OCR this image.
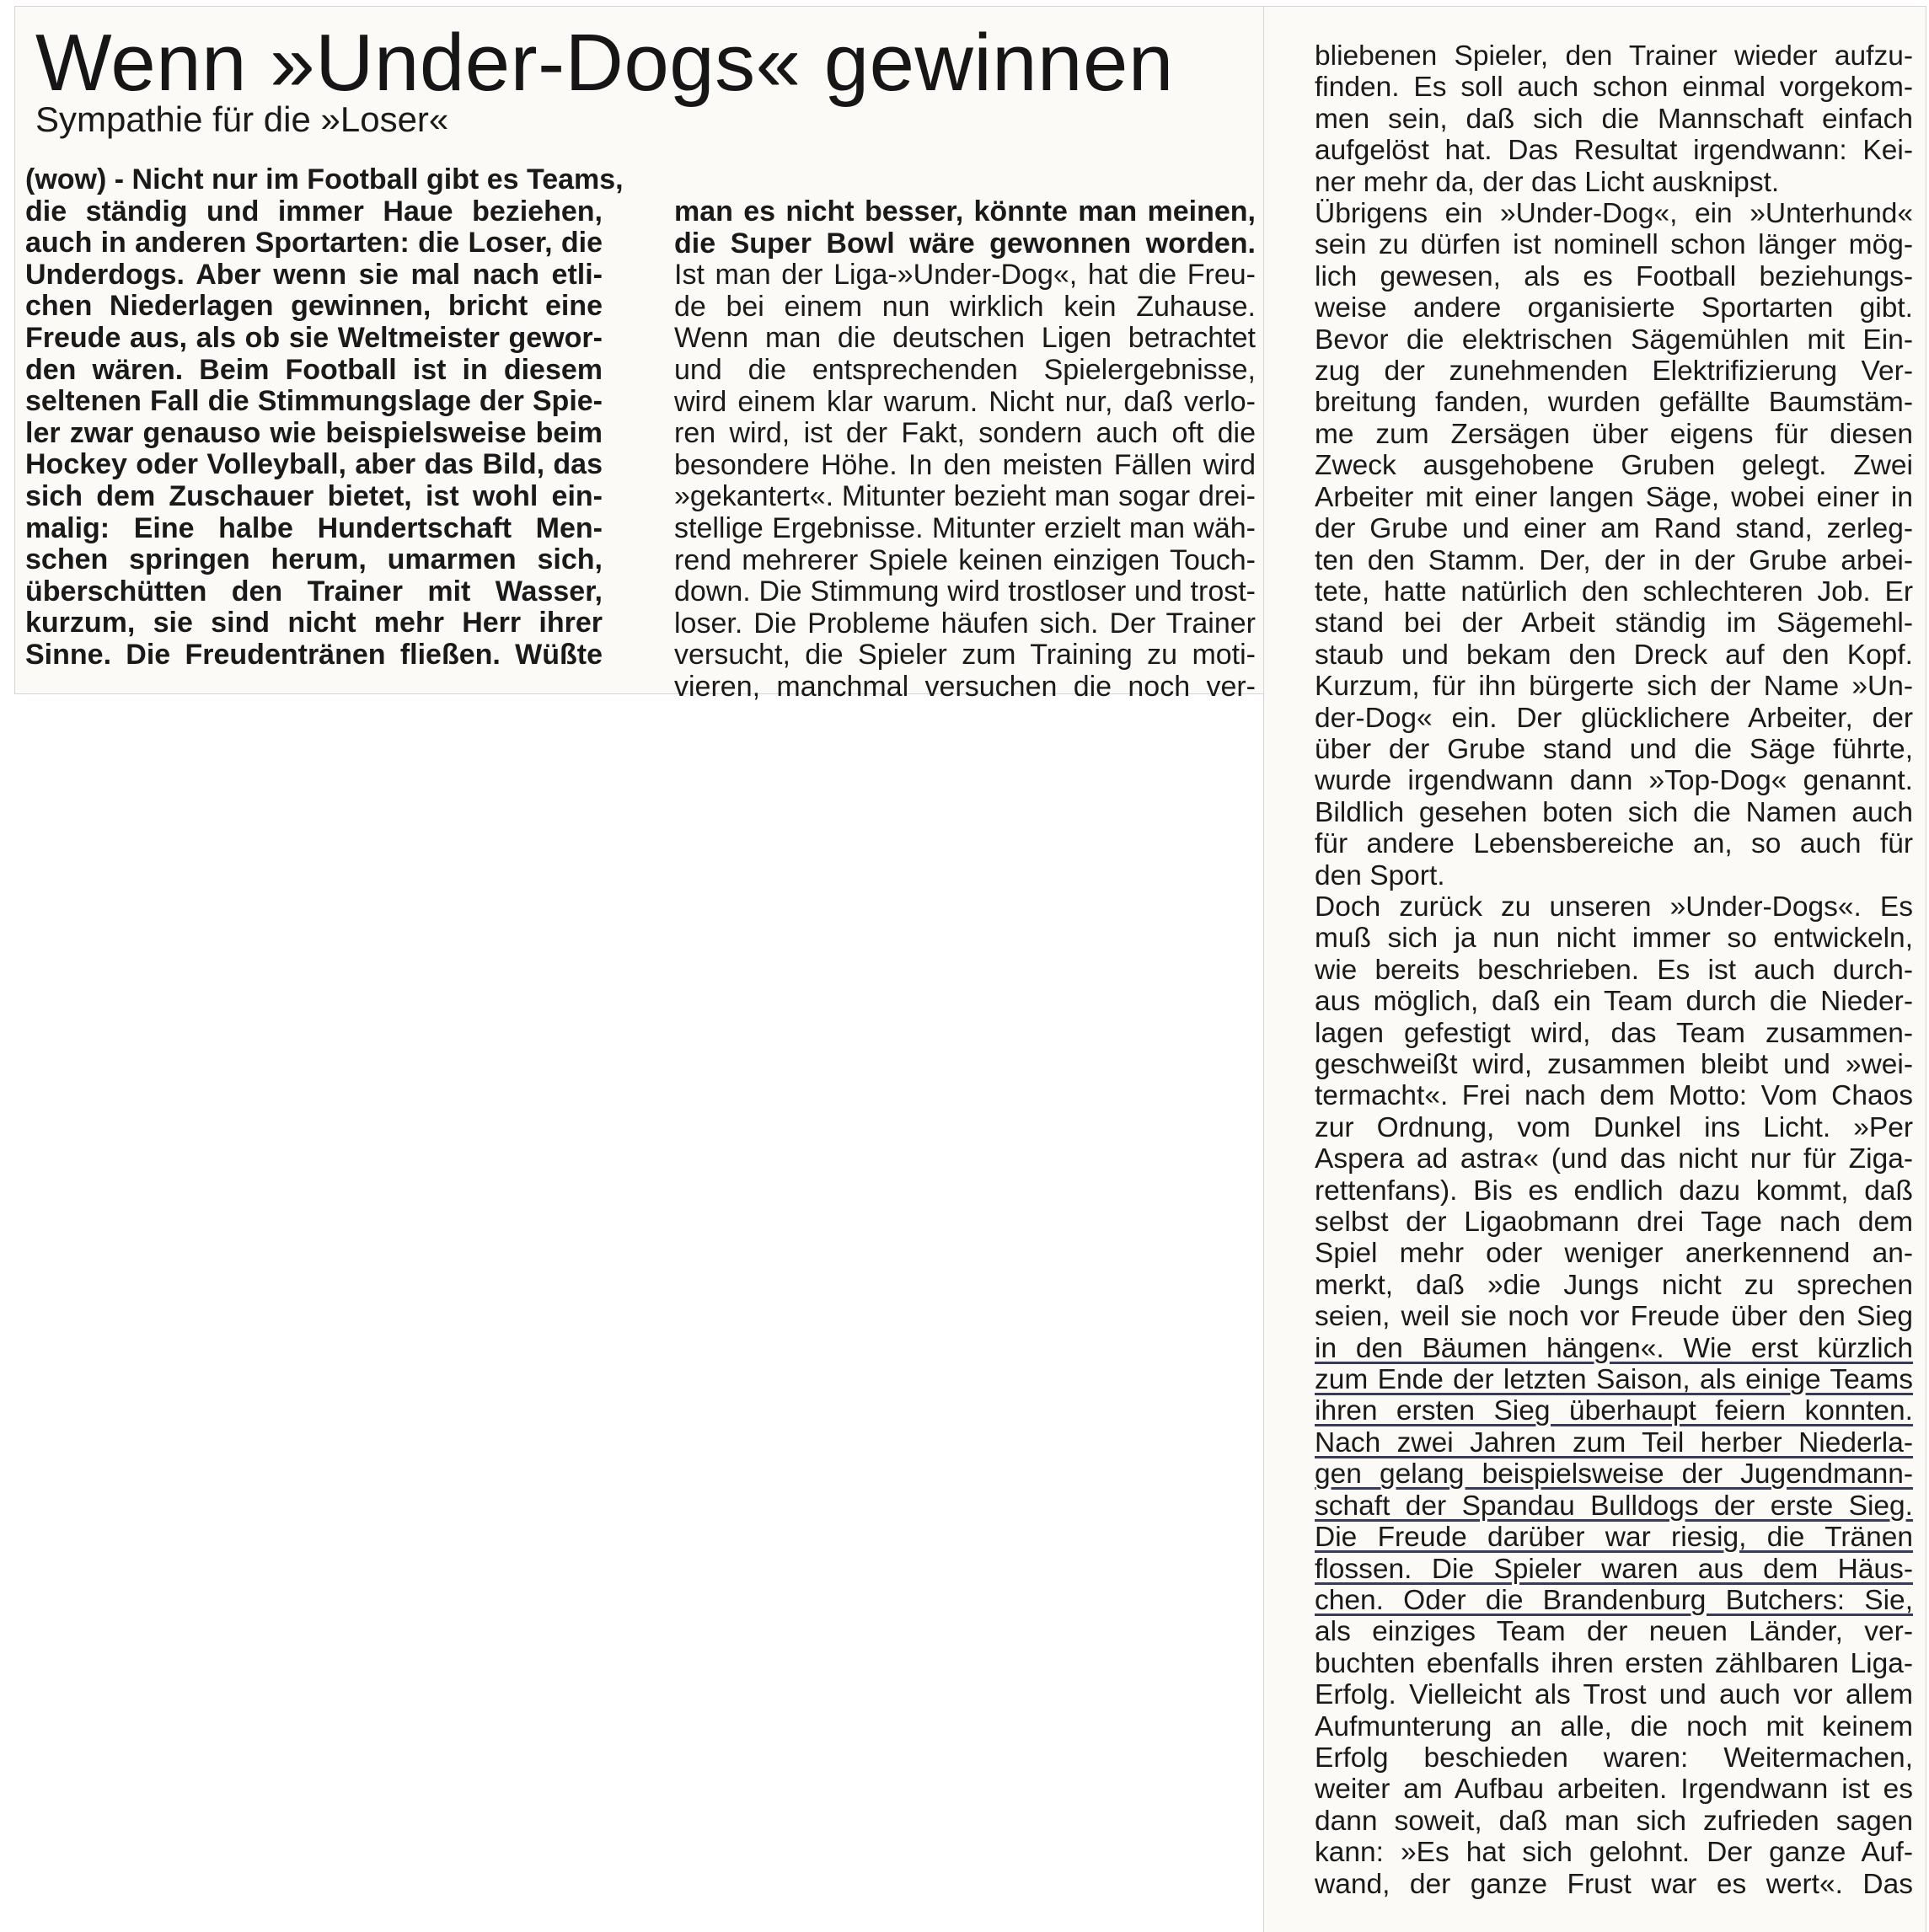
Wenn »Under-Dogs« gewinnen
Sympathie für die »Loser«
(wow) - Nicht nur im Football gibt es Teams,
die ständig und immer Haue beziehen,
auch in anderen Sportarten: die Loser, die
Underdogs. Aber wenn sie mal nach etli-
chen Niederlagen gewinnen, bricht eine
Freude aus, als ob sie Weltmeister gewor-
den wären. Beim Football ist in diesem
seltenen Fall die Stimmungslage der Spie-
ler zwar genauso wie beispielsweise beim
Hockey oder Volleyball, aber das Bild, das
sich dem Zuschauer bietet, ist wohl ein-
malig: Eine halbe Hundertschaft Men-
schen springen herum, umarmen sich,
überschütten den Trainer mit Wasser,
kurzum, sie sind nicht mehr Herr ihrer
Sinne. Die Freudentränen fließen. Wüßte
man es nicht besser, könnte man meinen,
die Super Bowl wäre gewonnen worden.
Ist man der Liga-»Under-Dog«, hat die Freu-
de bei einem nun wirklich kein Zuhause.
Wenn man die deutschen Ligen betrachtet
und die entsprechenden Spielergebnisse,
wird einem klar warum. Nicht nur, daß verlo-
ren wird, ist der Fakt, sondern auch oft die
besondere Höhe. In den meisten Fällen wird
»gekantert«. Mitunter bezieht man sogar drei-
stellige Ergebnisse. Mitunter erzielt man wäh-
rend mehrerer Spiele keinen einzigen Touch-
down. Die Stimmung wird trostloser und trost-
loser. Die Probleme häufen sich. Der Trainer
versucht, die Spieler zum Training zu moti-
vieren, manchmal versuchen die noch ver-
bliebenen Spieler, den Trainer wieder aufzu-
finden. Es soll auch schon einmal vorgekom-
men sein, daß sich die Mannschaft einfach
aufgelöst hat. Das Resultat irgendwann: Kei-
ner mehr da, der das Licht ausknipst.
Übrigens ein »Under-Dog«, ein »Unterhund«
sein zu dürfen ist nominell schon länger mög-
lich gewesen, als es Football beziehungs-
weise andere organisierte Sportarten gibt.
Bevor die elektrischen Sägemühlen mit Ein-
zug der zunehmenden Elektrifizierung Ver-
breitung fanden, wurden gefällte Baumstäm-
me zum Zersägen über eigens für diesen
Zweck ausgehobene Gruben gelegt. Zwei
Arbeiter mit einer langen Säge, wobei einer in
der Grube und einer am Rand stand, zerleg-
ten den Stamm. Der, der in der Grube arbei-
tete, hatte natürlich den schlechteren Job. Er
stand bei der Arbeit ständig im Sägemehl-
staub und bekam den Dreck auf den Kopf.
Kurzum, für ihn bürgerte sich der Name »Un-
der-Dog« ein. Der glücklichere Arbeiter, der
über der Grube stand und die Säge führte,
wurde irgendwann dann »Top-Dog« genannt.
Bildlich gesehen boten sich die Namen auch
für andere Lebensbereiche an, so auch für
den Sport.
Doch zurück zu unseren »Under-Dogs«. Es
muß sich ja nun nicht immer so entwickeln,
wie bereits beschrieben. Es ist auch durch-
aus möglich, daß ein Team durch die Nieder-
lagen gefestigt wird, das Team zusammen-
geschweißt wird, zusammen bleibt und »wei-
termacht«. Frei nach dem Motto: Vom Chaos
zur Ordnung, vom Dunkel ins Licht. »Per
Aspera ad astra« (und das nicht nur für Ziga-
rettenfans). Bis es endlich dazu kommt, daß
selbst der Ligaobmann drei Tage nach dem
Spiel mehr oder weniger anerkennend an-
merkt, daß »die Jungs nicht zu sprechen
seien, weil sie noch vor Freude über den Sieg
in den Bäumen hängen«. Wie erst kürzlich
zum Ende der letzten Saison, als einige Teams
ihren ersten Sieg überhaupt feiern konnten.
Nach zwei Jahren zum Teil herber Niederla-
gen gelang beispielsweise der Jugendmann-
schaft der Spandau Bulldogs der erste Sieg.
Die Freude darüber war riesig, die Tränen
flossen. Die Spieler waren aus dem Häus-
chen. Oder die Brandenburg Butchers: Sie,
als einziges Team der neuen Länder, ver-
buchten ebenfalls ihren ersten zählbaren Liga-
Erfolg. Vielleicht als Trost und auch vor allem
Aufmunterung an alle, die noch mit keinem
Erfolg beschieden waren: Weitermachen,
weiter am Aufbau arbeiten. Irgendwann ist es
dann soweit, daß man sich zufrieden sagen
kann: »Es hat sich gelohnt. Der ganze Auf-
wand, der ganze Frust war es wert«. Das
